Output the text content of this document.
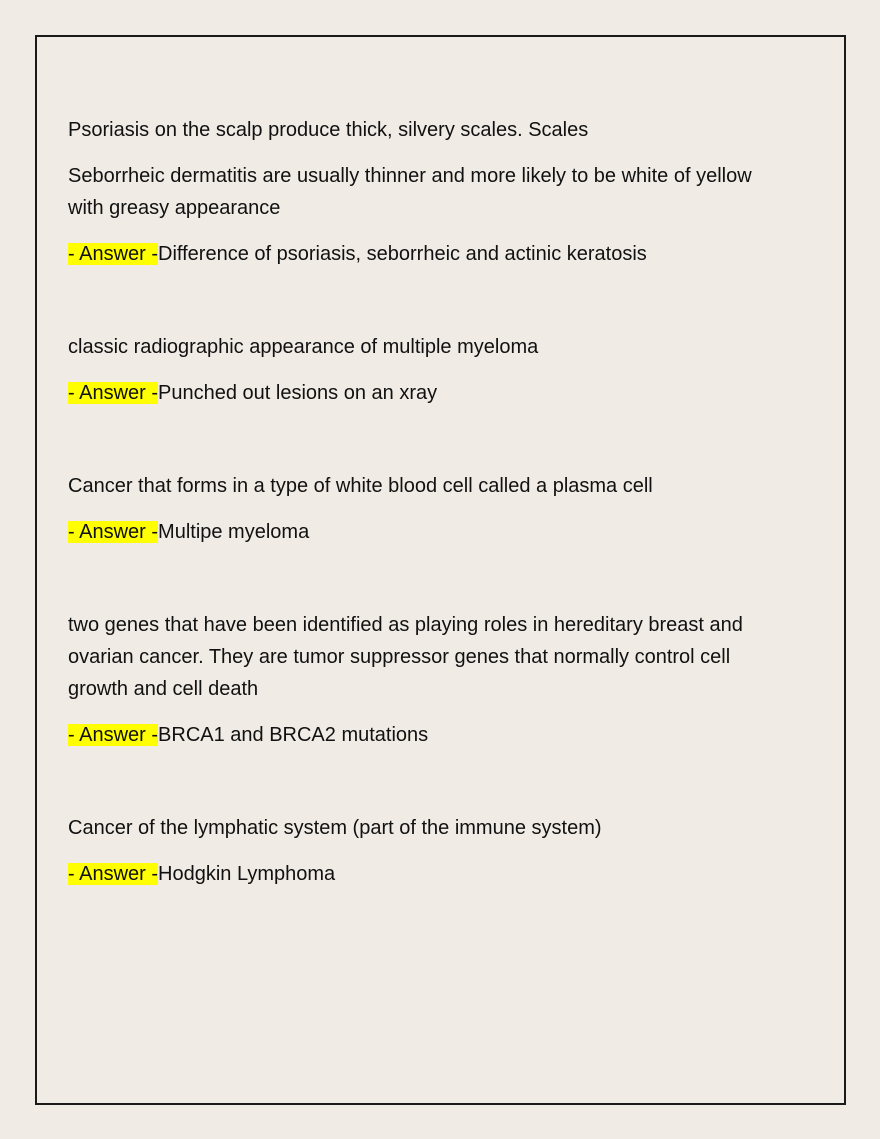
Psoriasis on the scalp produce thick, silvery scales. Scales

Seborrheic dermatitis are usually thinner and more likely to be white of yellow with greasy appearance

- Answer -Difference of psoriasis, seborrheic and actinic keratosis

classic radiographic appearance of multiple myeloma

- Answer -Punched out lesions on an xray

Cancer that forms in a type of white blood cell called a plasma cell

- Answer -Multipe myeloma

two genes that have been identified as playing roles in hereditary breast and ovarian cancer. They are tumor suppressor genes that normally control cell growth and cell death

- Answer -BRCA1 and BRCA2 mutations

Cancer of the lymphatic system (part of the immune system)

- Answer -Hodgkin Lymphoma
